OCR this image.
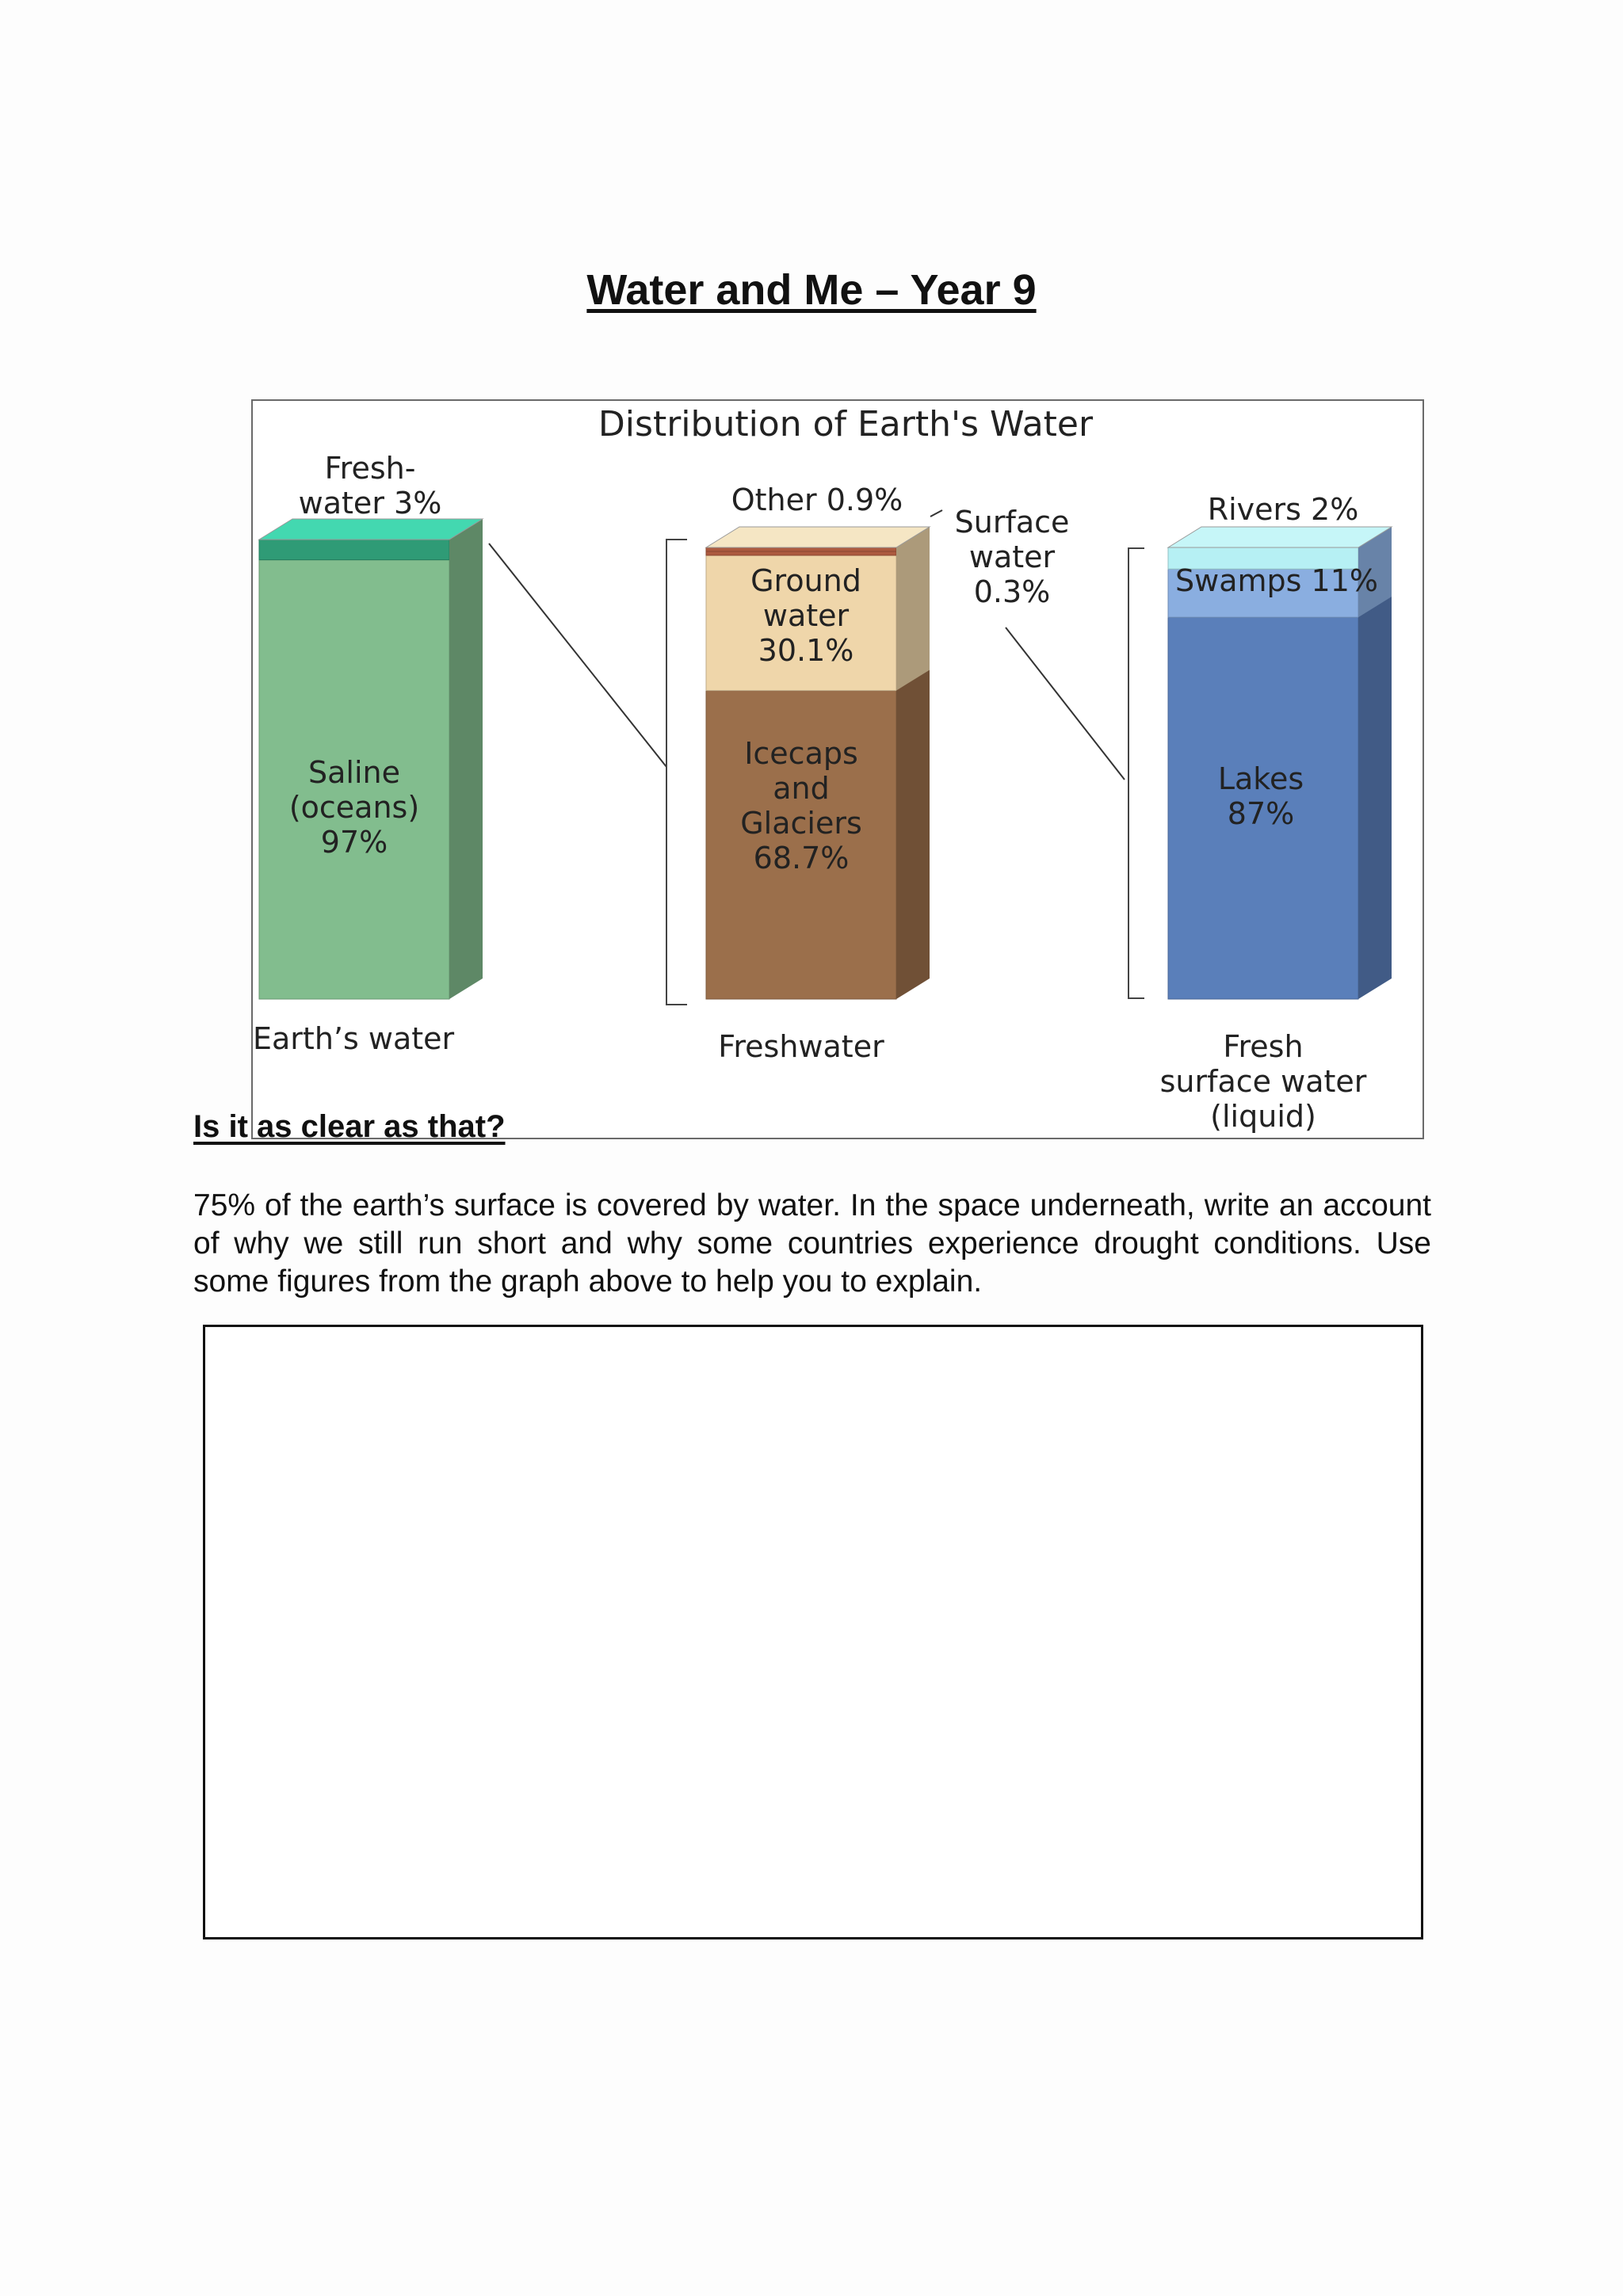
Water and Me – Year 9
Distribution of Earth's Water
Saline (oceans) 97%
Fresh-water 3%
Icecaps and Glaciers 68.7%
Ground water 30.1%
Surface water 0.3%
Other 0.9%
Lakes 87%
Swamps 11%
Rivers 2%
Earth’s water	Freshwater	Fresh surface water (liquid)
Is it as clear as that?

75% of the earth’s surface is covered by water. In the space underneath, write an account of why we still run short and why some countries experience drought conditions. Use some figures from the graph above to help you to explain.
